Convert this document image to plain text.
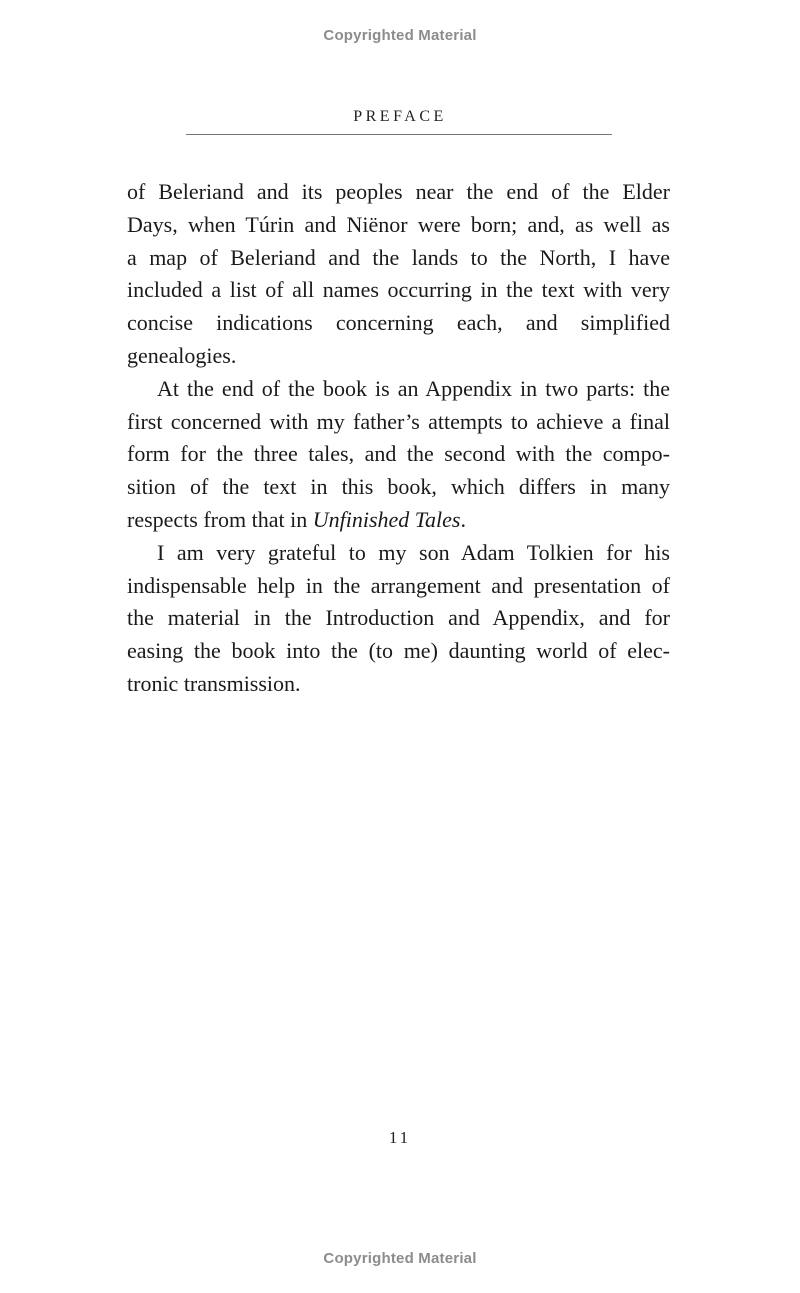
Copyrighted Material
PREFACE
of Beleriand and its peoples near the end of the Elder
Days, when Túrin and Niënor were born; and, as well as
a map of Beleriand and the lands to the North, I have
included a list of all names occurring in the text with very
concise indications concerning each, and simplified
genealogies.
At the end of the book is an Appendix in two parts: the
first concerned with my father’s attempts to achieve a final
form for the three tales, and the second with the compo-
sition of the text in this book, which differs in many
respects from that in Unfinished Tales.
I am very grateful to my son Adam Tolkien for his
indispensable help in the arrangement and presentation of
the material in the Introduction and Appendix, and for
easing the book into the (to me) daunting world of elec-
tronic transmission.
11
Copyrighted Material
